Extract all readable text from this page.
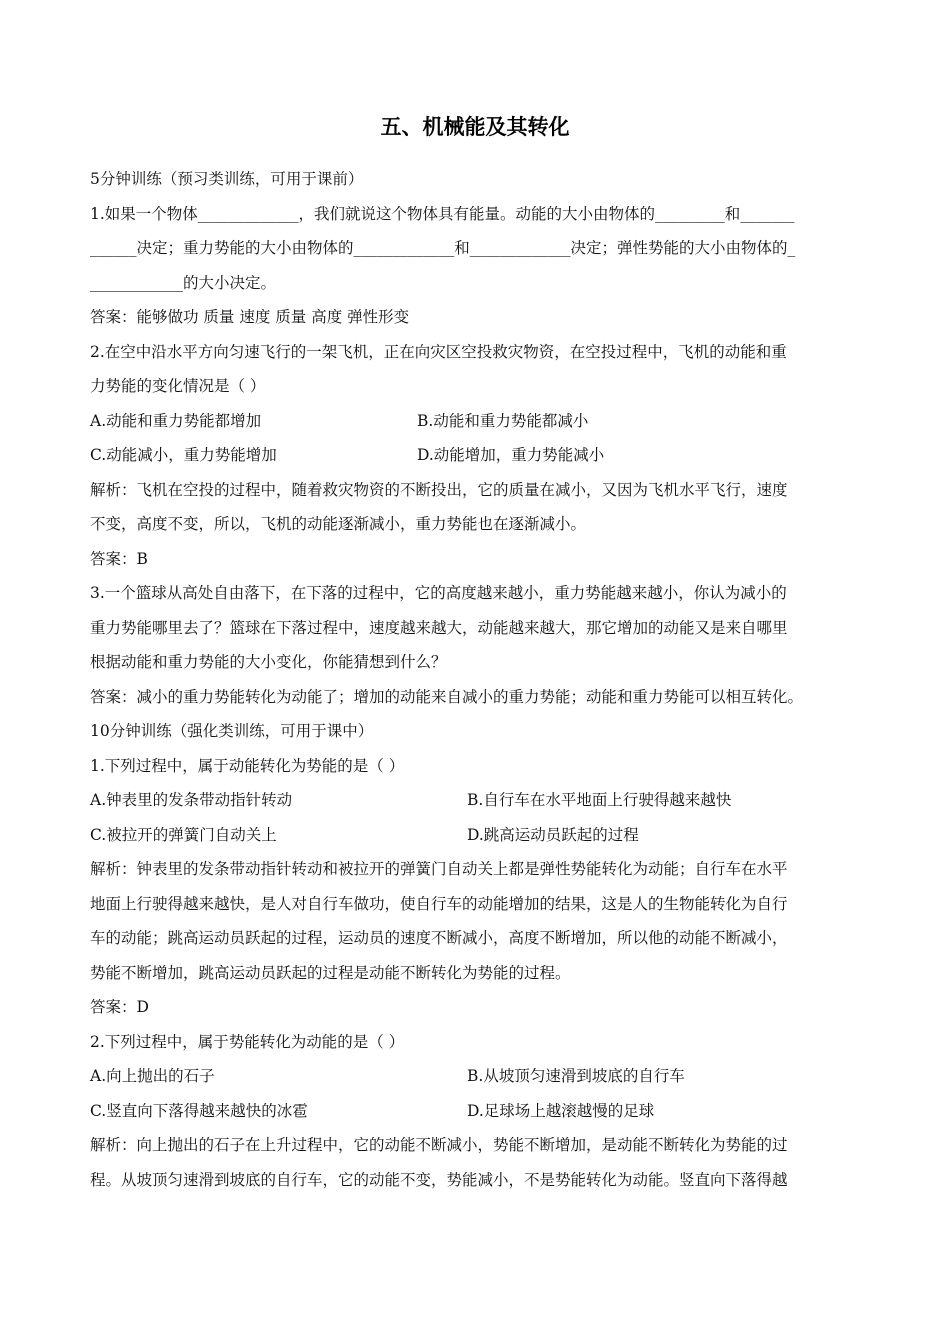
五、机械能及其转化
5分钟训练（预习类训练，可用于课前）
1.如果一个物体_____________，我们就说这个物体具有能量。动能的大小由物体的_________和_______
______决定；重力势能的大小由物体的_____________和_____________决定；弹性势能的大小由物体的_
____________的大小决定。
答案：能够做功 质量 速度 质量 高度 弹性形变
2.在空中沿水平方向匀速飞行的一架飞机，正在向灾区空投救灾物资，在空投过程中，飞机的动能和重
力势能的变化情况是（ ）
A.动能和重力势能都增加	B.动能和重力势能都减小
C.动能减小，重力势能增加	D.动能增加，重力势能减小
解析：飞机在空投的过程中，随着救灾物资的不断投出，它的质量在减小，又因为飞机水平飞行，速度
不变，高度不变，所以，飞机的动能逐渐减小，重力势能也在逐渐减小。
答案：B
3.一个篮球从高处自由落下，在下落的过程中，它的高度越来越小，重力势能越来越小，你认为减小的
重力势能哪里去了？篮球在下落过程中，速度越来越大，动能越来越大，那它增加的动能又是来自哪里
根据动能和重力势能的大小变化，你能猜想到什么？
答案：减小的重力势能转化为动能了；增加的动能来自减小的重力势能；动能和重力势能可以相互转化。
10分钟训练（强化类训练，可用于课中）
1.下列过程中，属于动能转化为势能的是（ ）
A.钟表里的发条带动指针转动	B.自行车在水平地面上行驶得越来越快
C.被拉开的弹簧门自动关上	D.跳高运动员跃起的过程
解析：钟表里的发条带动指针转动和被拉开的弹簧门自动关上都是弹性势能转化为动能；自行车在水平
地面上行驶得越来越快，是人对自行车做功，使自行车的动能增加的结果，这是人的生物能转化为自行
车的动能；跳高运动员跃起的过程，运动员的速度不断减小，高度不断增加，所以他的动能不断减小，
势能不断增加，跳高运动员跃起的过程是动能不断转化为势能的过程。
答案：D
2.下列过程中，属于势能转化为动能的是（ ）
A.向上抛出的石子	B.从坡顶匀速滑到坡底的自行车
C.竖直向下落得越来越快的冰雹	D.足球场上越滚越慢的足球
解析：向上抛出的石子在上升过程中，它的动能不断减小，势能不断增加，是动能不断转化为势能的过
程。从坡顶匀速滑到坡底的自行车，它的动能不变，势能减小，不是势能转化为动能。竖直向下落得越
